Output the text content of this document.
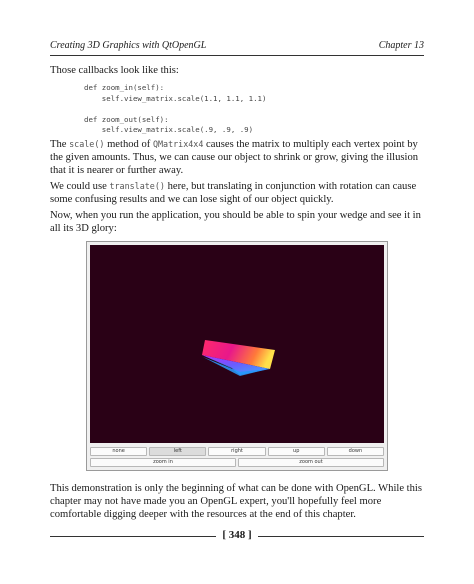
Creating 3D Graphics with QtOpenGL	Chapter 13

Those callbacks look like this:

def zoom_in(self):
self.view_matrix.scale(1.1, 1.1, 1.1)

def zoom_out(self):
self.view_matrix.scale(.9, .9, .9)

The scale() method of QMatrix4x4 causes the matrix to multiply each vertex point by the given amounts. Thus, we can cause our object to shrink or grow, giving the illusion that it is nearer or further away.

We could use translate() here, but translating in conjunction with rotation can cause some confusing results and we can lose sight of our object quickly.

Now, when you run the application, you should be able to spin your wedge and see it in all its 3D glory:

none	left	right	up	down
zoom in	zoom out

This demonstration is only the beginning of what can be done with OpenGL. While this chapter may not have made you an OpenGL expert, you'll hopefully feel more comfortable digging deeper with the resources at the end of this chapter.

[ 348 ]
